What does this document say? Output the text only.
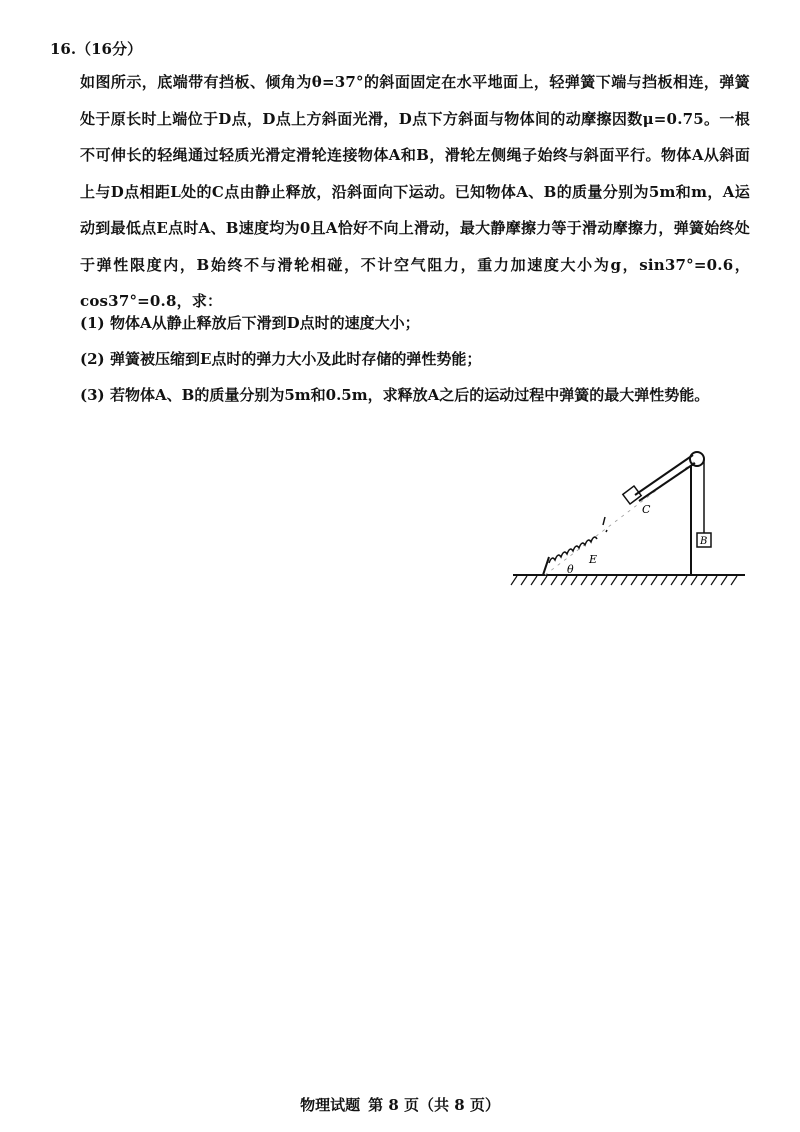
16.（16分）
如图所示，底端带有挡板、倾角为θ=37°的斜面固定在水平地面上，轻弹簧下端与挡板相连，弹簧处于原长时上端位于D点，D点上方斜面光滑，D点下方斜面与物体间的动摩擦因数μ=0.75。一根不可伸长的轻绳通过轻质光滑定滑轮连接物体A和B，滑轮左侧绳子始终与斜面平行。物体A从斜面上与D点相距L处的C点由静止释放，沿斜面向下运动。已知物体A、B的质量分别为5m和m，A运动到最低点E点时A、B速度均为0且A恰好不向上滑动，最大静摩擦力等于滑动摩擦力，弹簧始终处于弹性限度内，B始终不与滑轮相碰，不计空气阻力，重力加速度大小为g，sin37°=0.6，cos37°=0.8，求：
(1) 物体A从静止释放后下滑到D点时的速度大小；
(2) 弹簧被压缩到E点时的弹力大小及此时存储的弹性势能；
(3) 若物体A、B的质量分别为5m和0.5m，求释放A之后的运动过程中弹簧的最大弹性势能。
E
θ
C
B
物理试题 第 8 页（共 8 页）
